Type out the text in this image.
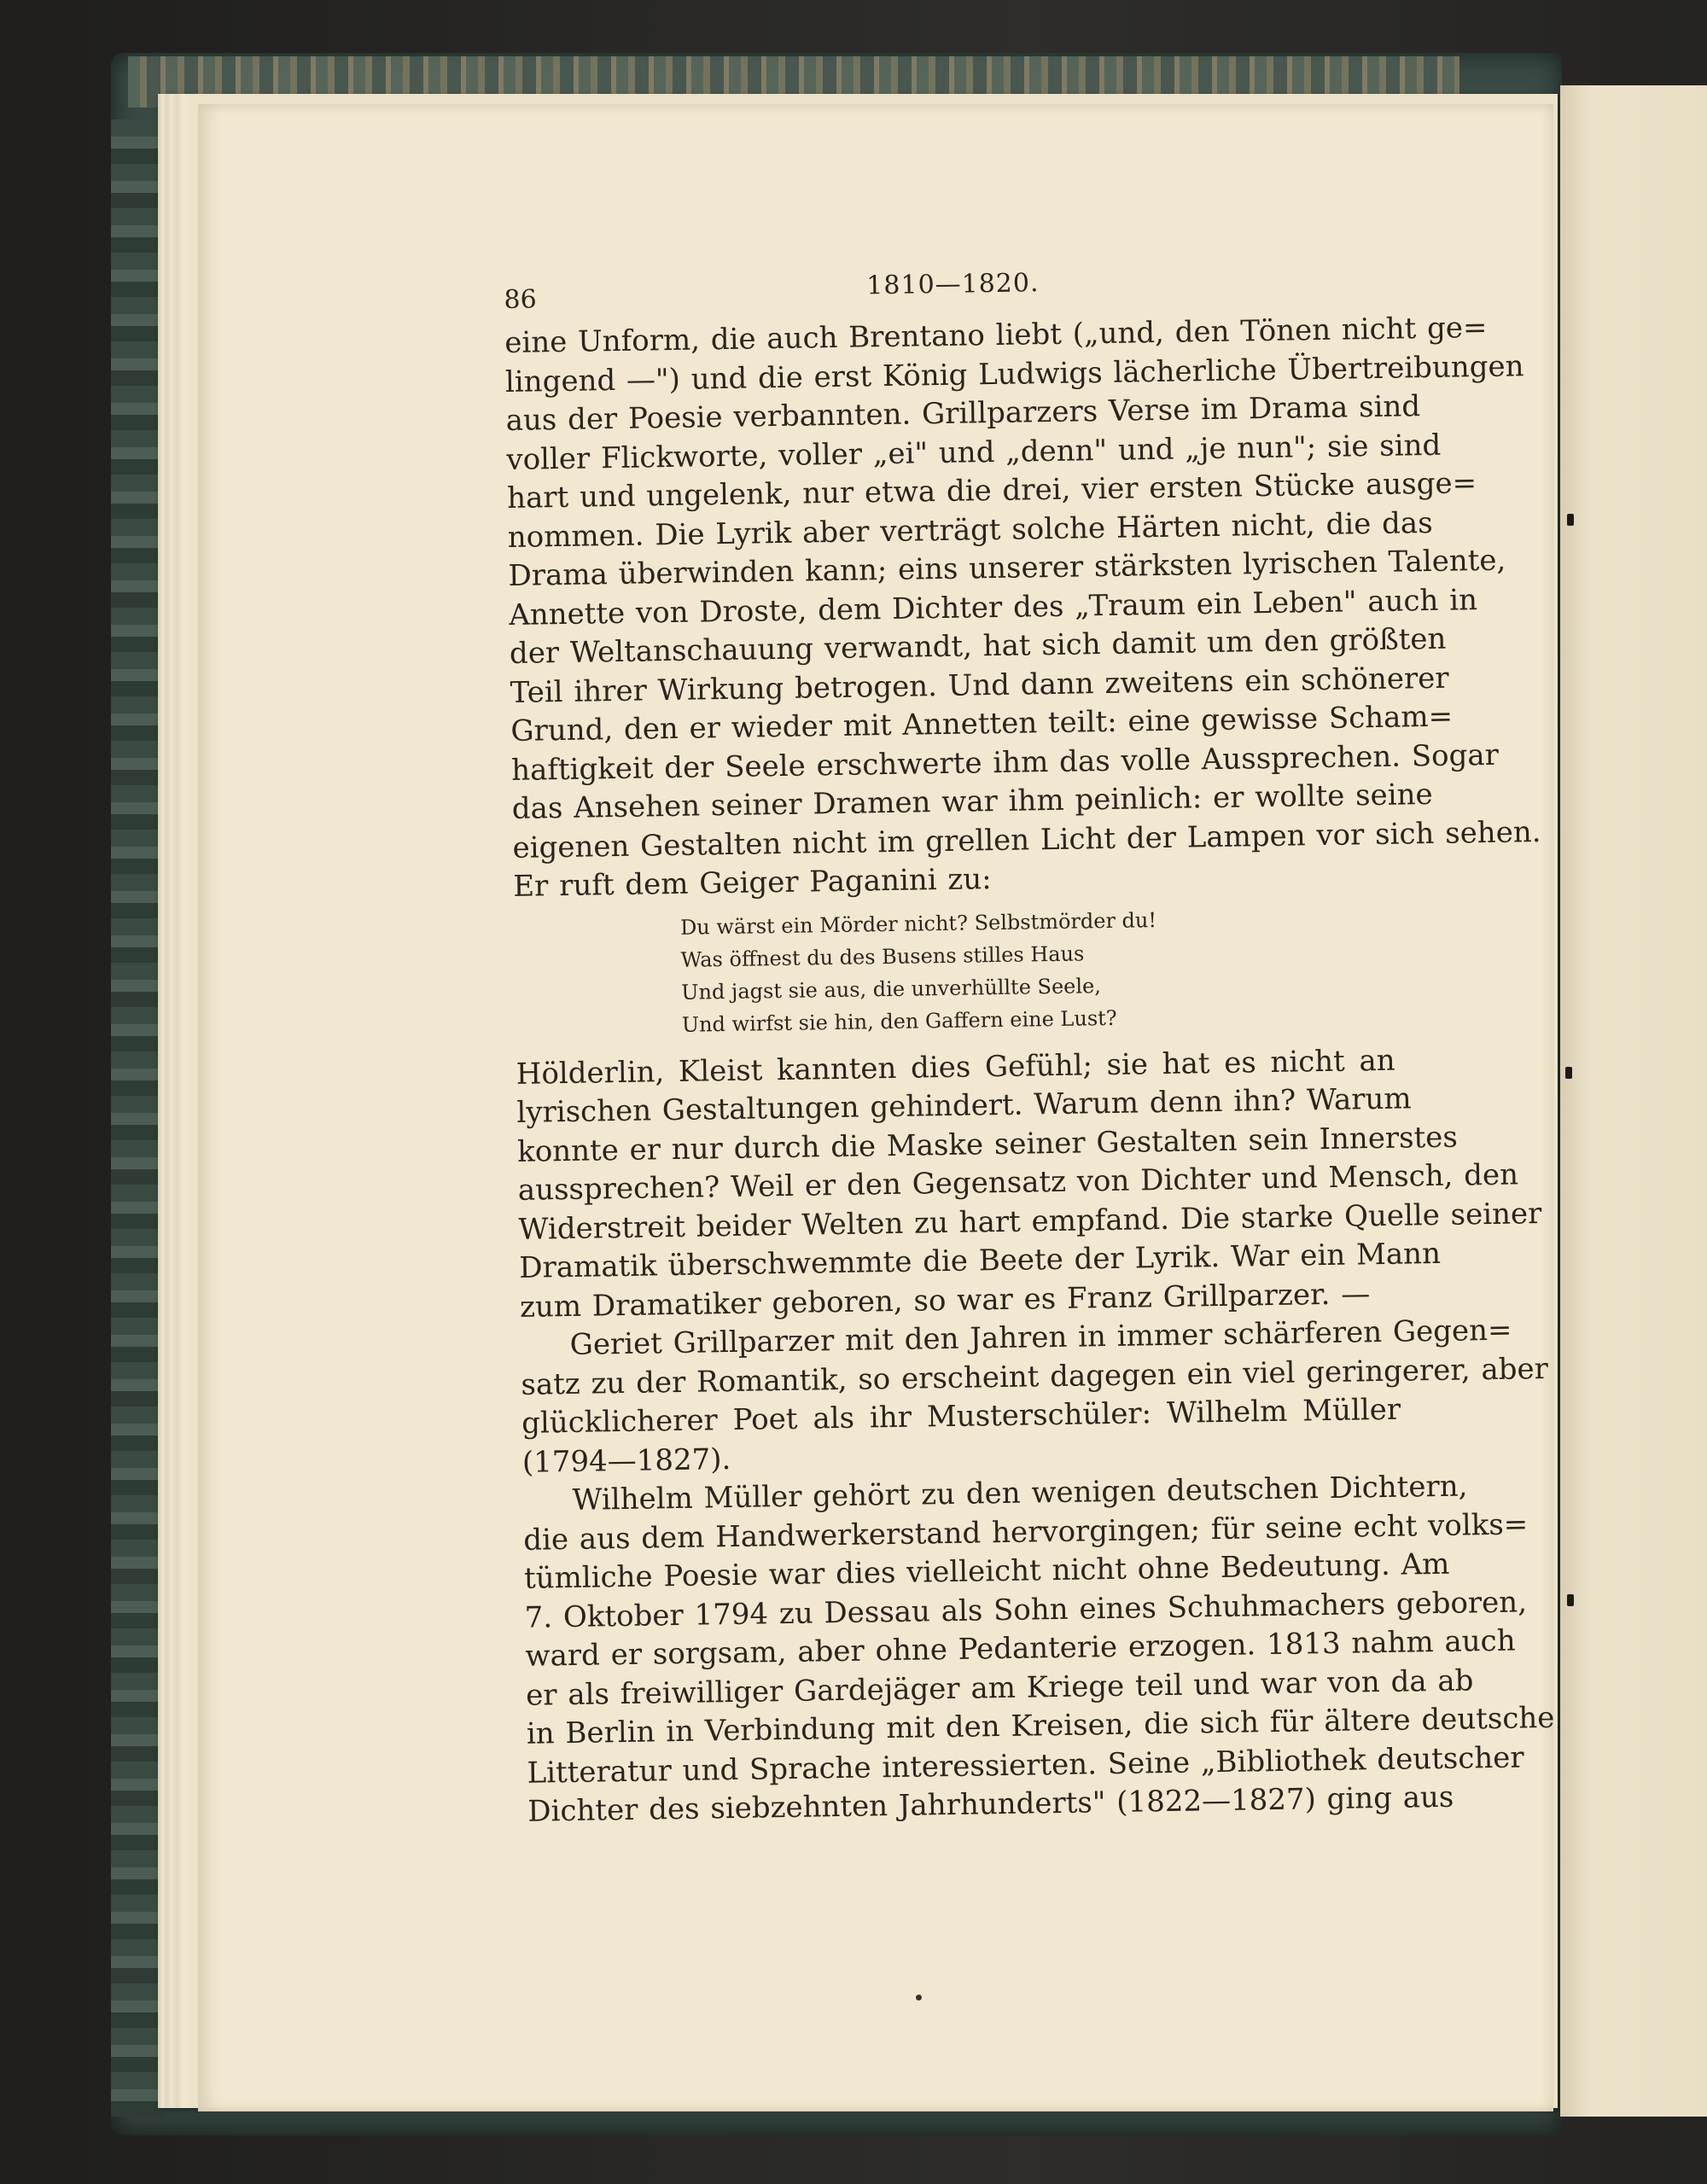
86	1810—1820.
eine Unform, die auch Brentano liebt („und, den Tönen nicht ge=
lingend —") und die erst König Ludwigs lächerliche Übertreibungen
aus der Poesie verbannten. Grillparzers Verse im Drama sind
voller Flickworte, voller „ei" und „denn" und „je nun"; sie sind
hart und ungelenk, nur etwa die drei, vier ersten Stücke ausge=
nommen. Die Lyrik aber verträgt solche Härten nicht, die das
Drama überwinden kann; eins unserer stärksten lyrischen Talente,
Annette von Droste, dem Dichter des „Traum ein Leben" auch in
der Weltanschauung verwandt, hat sich damit um den größten
Teil ihrer Wirkung betrogen. Und dann zweitens ein schönerer
Grund, den er wieder mit Annetten teilt: eine gewisse Scham=
haftigkeit der Seele erschwerte ihm das volle Aussprechen. Sogar
das Ansehen seiner Dramen war ihm peinlich: er wollte seine
eigenen Gestalten nicht im grellen Licht der Lampen vor sich sehen.
Er ruft dem Geiger Paganini zu:
Du wärst ein Mörder nicht? Selbstmörder du!
Was öffnest du des Busens stilles Haus
Und jagst sie aus, die unverhüllte Seele,
Und wirfst sie hin, den Gaffern eine Lust?
Hölderlin, Kleist kannten dies Gefühl; sie hat es nicht an
lyrischen Gestaltungen gehindert. Warum denn ihn? Warum
konnte er nur durch die Maske seiner Gestalten sein Innerstes
aussprechen? Weil er den Gegensatz von Dichter und Mensch, den
Widerstreit beider Welten zu hart empfand. Die starke Quelle seiner
Dramatik überschwemmte die Beete der Lyrik. War ein Mann
zum Dramatiker geboren, so war es Franz Grillparzer. —
Geriet Grillparzer mit den Jahren in immer schärferen Gegen=
satz zu der Romantik, so erscheint dagegen ein viel geringerer, aber
glücklicherer Poet als ihr Musterschüler: Wilhelm Müller
(1794—1827).
Wilhelm Müller gehört zu den wenigen deutschen Dichtern,
die aus dem Handwerkerstand hervorgingen; für seine echt volks=
tümliche Poesie war dies vielleicht nicht ohne Bedeutung. Am
7. Oktober 1794 zu Dessau als Sohn eines Schuhmachers geboren,
ward er sorgsam, aber ohne Pedanterie erzogen. 1813 nahm auch
er als freiwilliger Gardejäger am Kriege teil und war von da ab
in Berlin in Verbindung mit den Kreisen, die sich für ältere deutsche
Litteratur und Sprache interessierten. Seine „Bibliothek deutscher
Dichter des siebzehnten Jahrhunderts" (1822—1827) ging aus
